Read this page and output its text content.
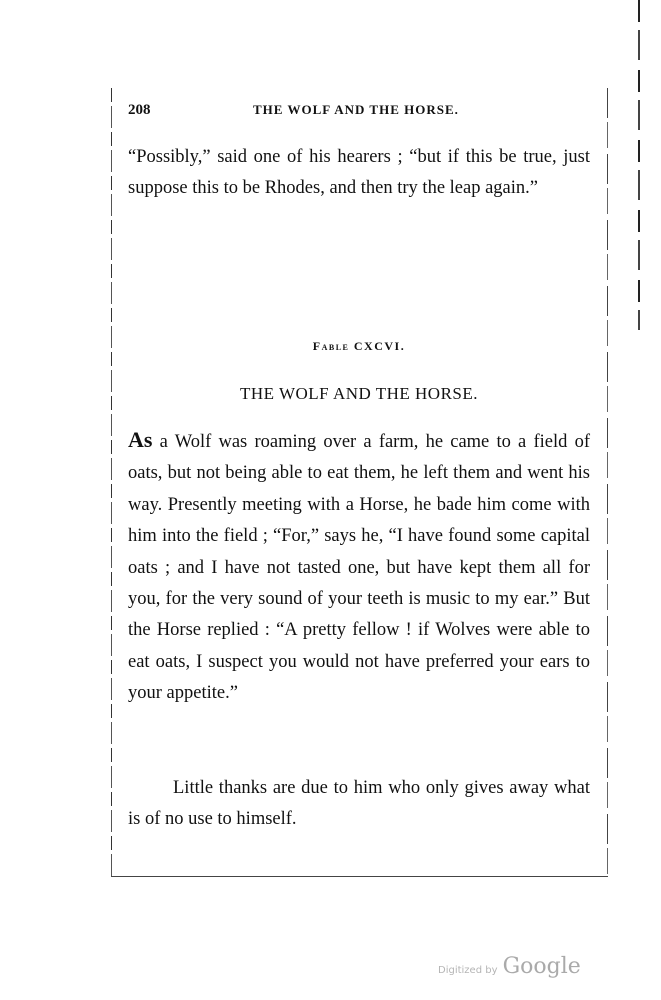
208	THE WOLF AND THE HORSE.

“Possibly,” said one of his hearers ; “but if this be true, just suppose this to be Rhodes, and then try the leap again.”

Fable CXCVI.
THE WOLF AND THE HORSE.

As a Wolf was roaming over a farm, he came to a field of oats, but not being able to eat them, he left them and went his way. Presently meeting with a Horse, he bade him come with him into the field ; “For,” says he, “I have found some capital oats ; and I have not tasted one, but have kept them all for you, for the very sound of your teeth is music to my ear.” But the Horse replied : “A pretty fellow ! if Wolves were able to eat oats, I suspect you would not have preferred your ears to your appetite.”

Little thanks are due to him who only gives away what is of no use to himself.

Digitized by Google
